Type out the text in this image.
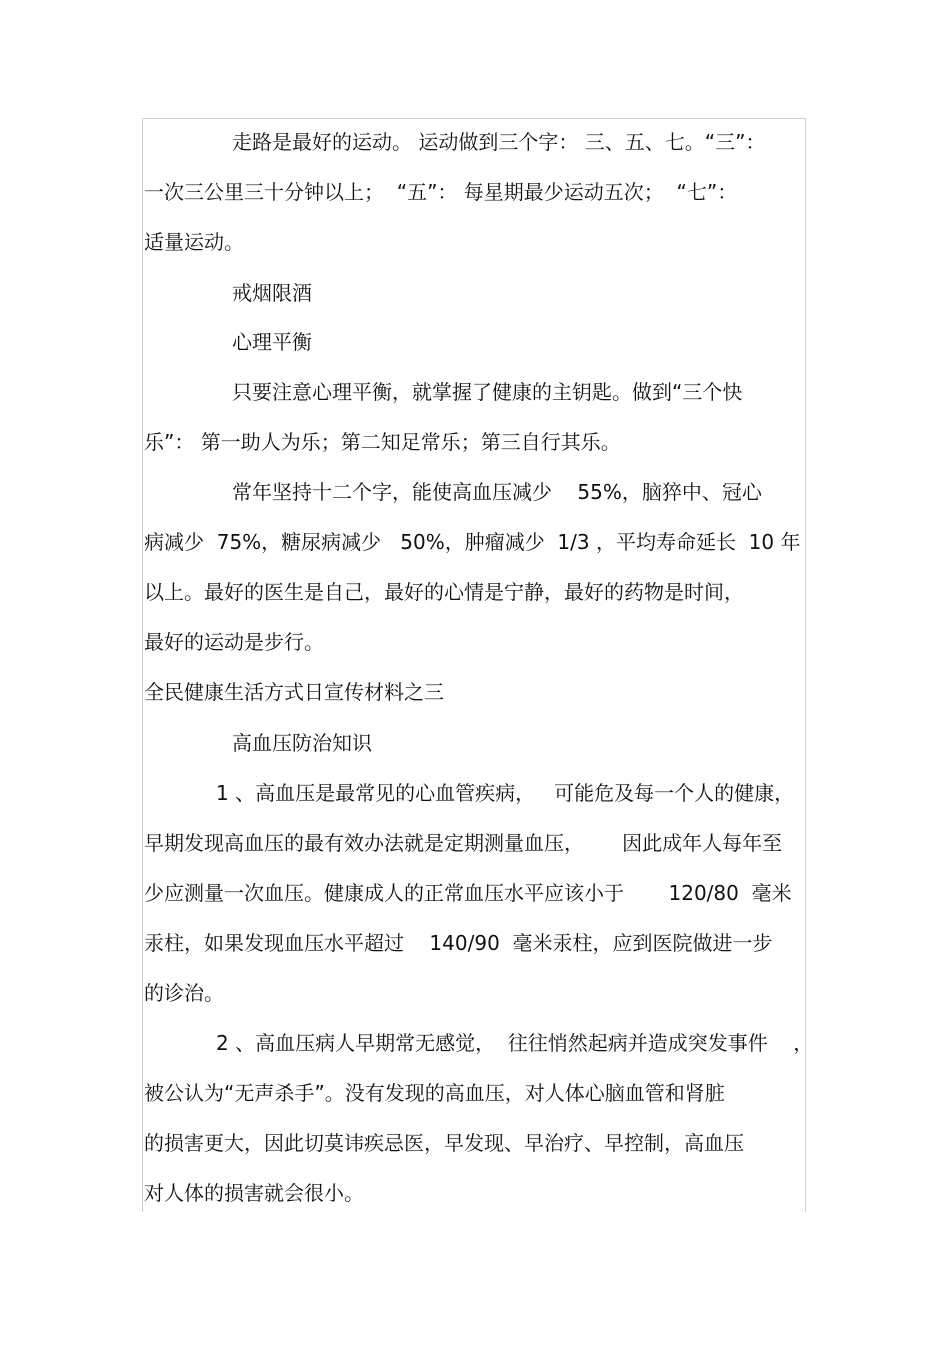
走路是最好的运动。 运动做到三个字： 三、五、七。“三”：
一次三公里三十分钟以上；  “五”： 每星期最少运动五次；  “七”：
适量运动。
戒烟限酒
心理平衡
只要注意心理平衡，就掌握了健康的主钥匙。做到“三个快
乐”： 第一助人为乐；第二知足常乐；第三自行其乐。
常年坚持十二个字，能使高血压减少    55%，脑猝中、冠心
病减少  75%，糖尿病减少   50%，肿瘤减少  1/3 ，平均寿命延长  10 年
以上。最好的医生是自己，最好的心情是宁静，最好的药物是时间，
最好的运动是步行。
全民健康生活方式日宣传材料之三
高血压防治知识
1 、高血压是最常见的心血管疾病，   可能危及每一个人的健康，
早期发现高血压的最有效办法就是定期测量血压，      因此成年人每年至
少应测量一次血压。健康成人的正常血压水平应该小于       120/80  毫米
汞柱，如果发现血压水平超过    140/90  毫米汞柱，应到医院做进一步
的诊治。
2 、高血压病人早期常无感觉，  往往悄然起病并造成突发事件    ，
被公认为“无声杀手”。没有发现的高血压，对人体心脑血管和肾脏
的损害更大，因此切莫讳疾忌医，早发现、早治疗、早控制，高血压
对人体的损害就会很小。
